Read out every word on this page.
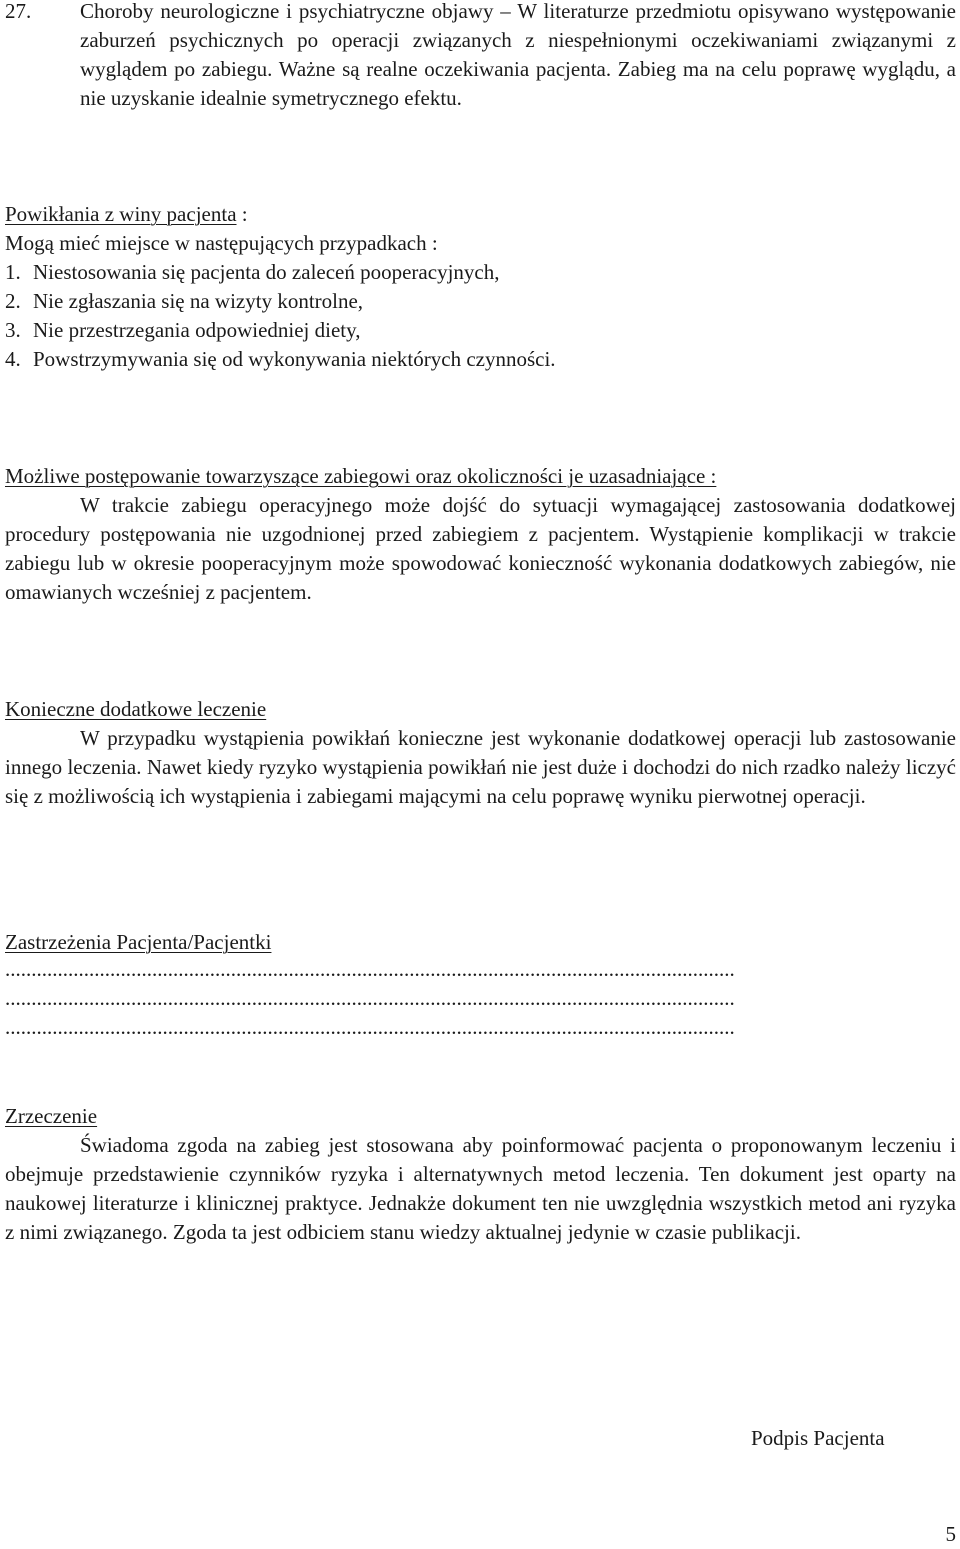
27. Choroby neurologiczne i psychiatryczne objawy – W literaturze przedmiotu opisywano występowanie zaburzeń psychicznych po operacji związanych z niespełnionymi oczekiwaniami związanymi z wyglądem po zabiegu. Ważne są realne oczekiwania pacjenta. Zabieg ma na celu poprawę wyglądu, a nie uzyskanie idealnie symetrycznego efektu.
Powikłania z winy pacjenta :
Mogą mieć miejsce w następujących przypadkach :
1. Niestosowania się pacjenta do zaleceń pooperacyjnych,
2. Nie zgłaszania się na wizyty kontrolne,
3. Nie przestrzegania odpowiedniej diety,
4. Powstrzymywania się od wykonywania niektórych czynności.
Możliwe postępowanie towarzyszące zabiegowi oraz okoliczności je uzasadniające :
W trakcie zabiegu operacyjnego może dojść do sytuacji wymagającej zastosowania dodatkowej procedury postępowania nie uzgodnionej przed zabiegiem z pacjentem. Wystąpienie komplikacji w trakcie zabiegu lub w okresie pooperacyjnym może spowodować konieczność wykonania dodatkowych zabiegów, nie omawianych wcześniej z pacjentem.
Konieczne dodatkowe leczenie
W przypadku wystąpienia powikłań konieczne jest wykonanie dodatkowej operacji lub zastosowanie innego leczenia. Nawet kiedy ryzyko wystąpienia powikłań nie jest duże i dochodzi do nich rzadko należy liczyć się z możliwością ich wystąpienia i zabiegami mającymi na celu poprawę wyniku pierwotnej operacji.
Zastrzeżenia Pacjenta/Pacjentki
...........................................................................................................................................
...........................................................................................................................................
...........................................................................................................................................
Zrzeczenie
Świadoma zgoda na zabieg jest stosowana aby poinformować pacjenta o proponowanym leczeniu i obejmuje przedstawienie czynników ryzyka i alternatywnych metod leczenia. Ten dokument jest oparty na naukowej literaturze i klinicznej praktyce. Jednakże dokument ten nie uwzględnia wszystkich metod ani ryzyka z nimi związanego. Zgoda ta jest odbiciem stanu wiedzy aktualnej jedynie w czasie publikacji.
Podpis Pacjenta
5
